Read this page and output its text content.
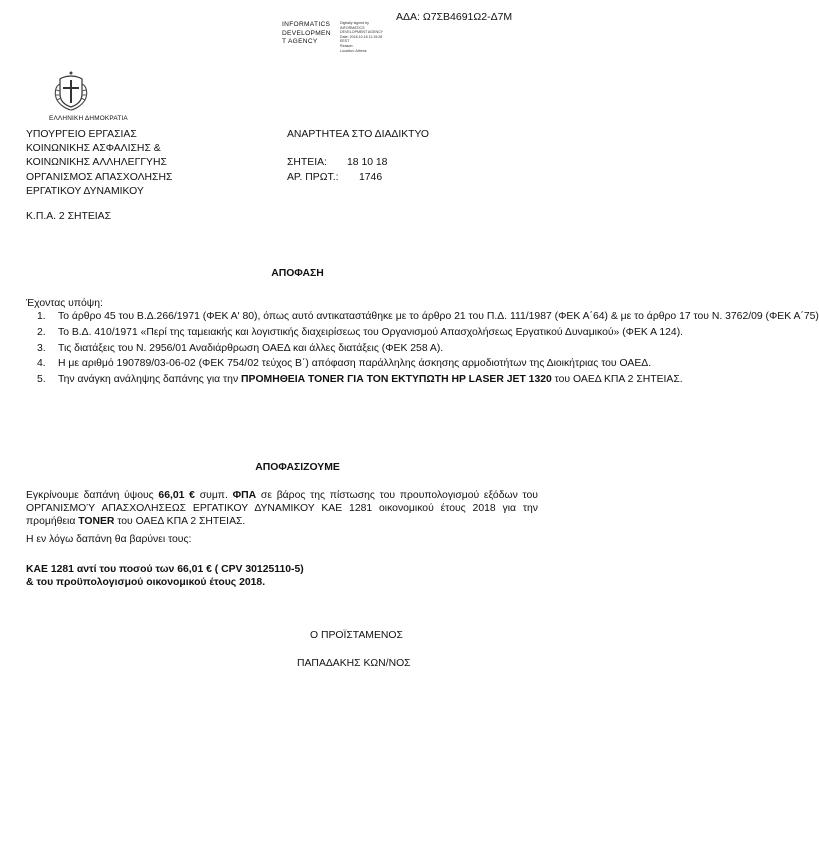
ΑΔΑ: Ω7ΣΒ4691Ω2-Δ7Μ
INFORMATICS
DEVELOPMEN
T AGENCY
Digitally signed by
INFORMATICS
DEVELOPMENT AGENCY
Date: 2018.10.18 11:15:28
EEST
Reason:
Location: Athens
ΕΛΛΗΝΙΚΗ ΔΗΜΟΚΡΑΤΙΑ
ΥΠΟΥΡΓΕΙΟ ΕΡΓΑΣΙΑΣ
ΚΟΙΝΩΝΙΚΗΣ ΑΣΦΑΛΙΣΗΣ &
ΚΟΙΝΩΝΙΚΗΣ ΑΛΛΗΛΕΓΓΥΗΣ
ΟΡΓΑΝΙΣΜΟΣ ΑΠΑΣΧΟΛΗΣΗΣ
ΕΡΓΑΤΙΚΟΥ ΔΥΝΑΜΙΚΟΥ
ΑΝΑΡΤΗΤΕΑ ΣΤΟ ΔΙΑΔΙΚΤΥΟ

ΣΗΤΕΙΑ: 18 10 18
ΑΡ. ΠΡΩΤ.: 1746
Κ.Π.Α. 2 ΣΗΤΕΙΑΣ
ΑΠΟΦΑΣΗ
Έχοντας υπόψη:
1. Το άρθρο 45 του Β.Δ.266/1971 (ΦΕΚ Α' 80), όπως αυτό αντικαταστάθηκε με το άρθρο 21 του Π.Δ. 111/1987 (ΦΕΚ Α΄64) & με το άρθρο 17 του Ν. 3762/09 (ΦΕΚ Α΄75)
2. Το Β.Δ. 410/1971 «Περί της ταμειακής και λογιστικής διαχειρίσεως του Οργανισμού Απασχολήσεως Εργατικού Δυναμικού» (ΦΕΚ Α 124).
3. Τις διατάξεις του Ν. 2956/01 Αναδιάρθρωση ΟΑΕΔ και άλλες διατάξεις (ΦΕΚ 258 Α).
4. Η με αριθμό 190789/03-06-02 (ΦΕΚ 754/02 τεύχος Β΄) απόφαση παράλληλης άσκησης αρμοδιοτήτων της Διοικήτριας του ΟΑΕΔ.
5. Την ανάγκη ανάληψης δαπάνης για την ΠΡΟΜΗΘΕΙΑ TONER ΓΙΑ ΤΟΝ ΕΚΤΥΠΩΤΗ HP LASER JET 1320 του ΟΑΕΔ ΚΠΑ 2 ΣΗΤΕΙΑΣ.
ΑΠΟΦΑΣΙΖΟΥΜΕ
Εγκρίνουμε δαπάνη ύψους 66,01 € συμπ. ΦΠΑ σε βάρος της πίστωσης του προυπολογισμού εξόδων του ΟΡΓΑΝΙΣΜΟΎ ΑΠΑΣΧΟΛΗΣΕΩΣ ΕΡΓΑΤΙΚΟΥ ΔΥΝΑΜΙΚΟΥ ΚΑΕ 1281 οικονομικού έτους 2018 για την προμήθεια TONER του ΟΑΕΔ ΚΠΑ 2 ΣΗΤΕΙΑΣ.
Η εν λόγω δαπάνη θα βαρύνει τους:
ΚΑΕ 1281 αντί του ποσού των 66,01 € ( CPV 30125110-5)
& του προϋπολογισμού οικονομικού έτους 2018.
Ο ΠΡΟΪΣΤΑΜΕΝΟΣ
ΠΑΠΑΔΑΚΗΣ ΚΩΝ/ΝΟΣ
